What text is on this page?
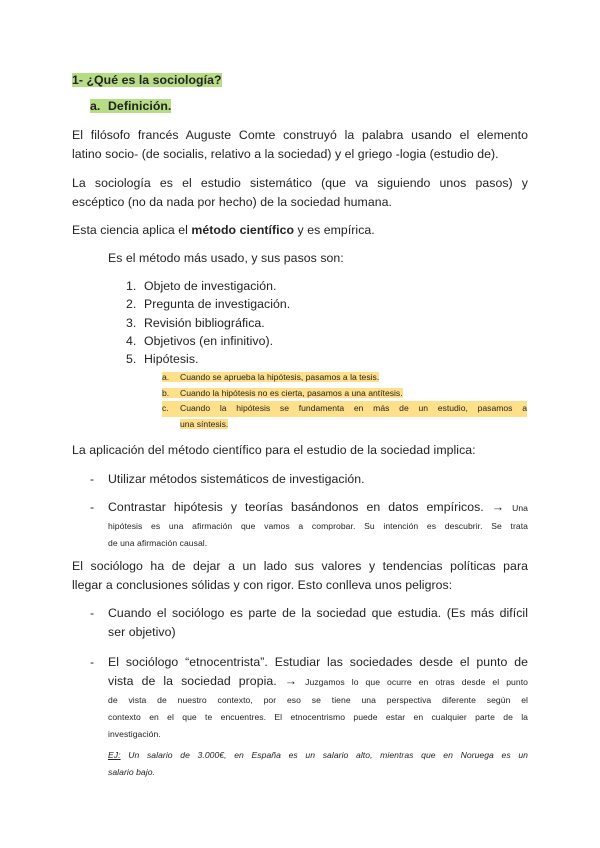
1- ¿Qué es la sociología?
a. Definición.
El filósofo francés Auguste Comte construyó la palabra usando el elemento
latino socio- (de socialis, relativo a la sociedad) y el griego -logia (estudio de).
La sociología es el estudio sistemático (que va siguiendo unos pasos) y
escéptico (no da nada por hecho) de la sociedad humana.
Esta ciencia aplica el método científico y es empírica.
Es el método más usado, y sus pasos son:
1. Objeto de investigación.
2. Pregunta de investigación.
3. Revisión bibliográfica.
4. Objetivos (en infinitivo).
5. Hipótesis.
a. Cuando se aprueba la hipótesis, pasamos a la tesis.
b. Cuando la hipótesis no es cierta, pasamos a una antítesis.
c.	Cuando la hipótesis se fundamenta en más de un estudio, pasamos a
una síntesis.
La aplicación del método científico para el estudio de la sociedad implica:
- Utilizar métodos sistemáticos de investigación.
- Contrastar hipótesis y teorías basándonos en datos empíricos. → Una
hipótesis es una afirmación que vamos a comprobar. Su intención es descubrir. Se trata
de una afirmación causal.
El sociólogo ha de dejar a un lado sus valores y tendencias políticas para
llegar a conclusiones sólidas y con rigor. Esto conlleva unos peligros:
- Cuando el sociólogo es parte de la sociedad que estudia. (Es más difícil
ser objetivo)
- El sociólogo “etnocentrista”. Estudiar las sociedades desde el punto de
vista de la sociedad propia. → Juzgamos lo que ocurre en otras desde el punto
de vista de nuestro contexto, por eso se tiene una perspectiva diferente según el
contexto en el que te encuentres. El etnocentrismo puede estar en cualquier parte de la
investigación.
EJ: Un salario de 3.000€, en España es un salario alto, mientras que en Noruega es un
salario bajo.
